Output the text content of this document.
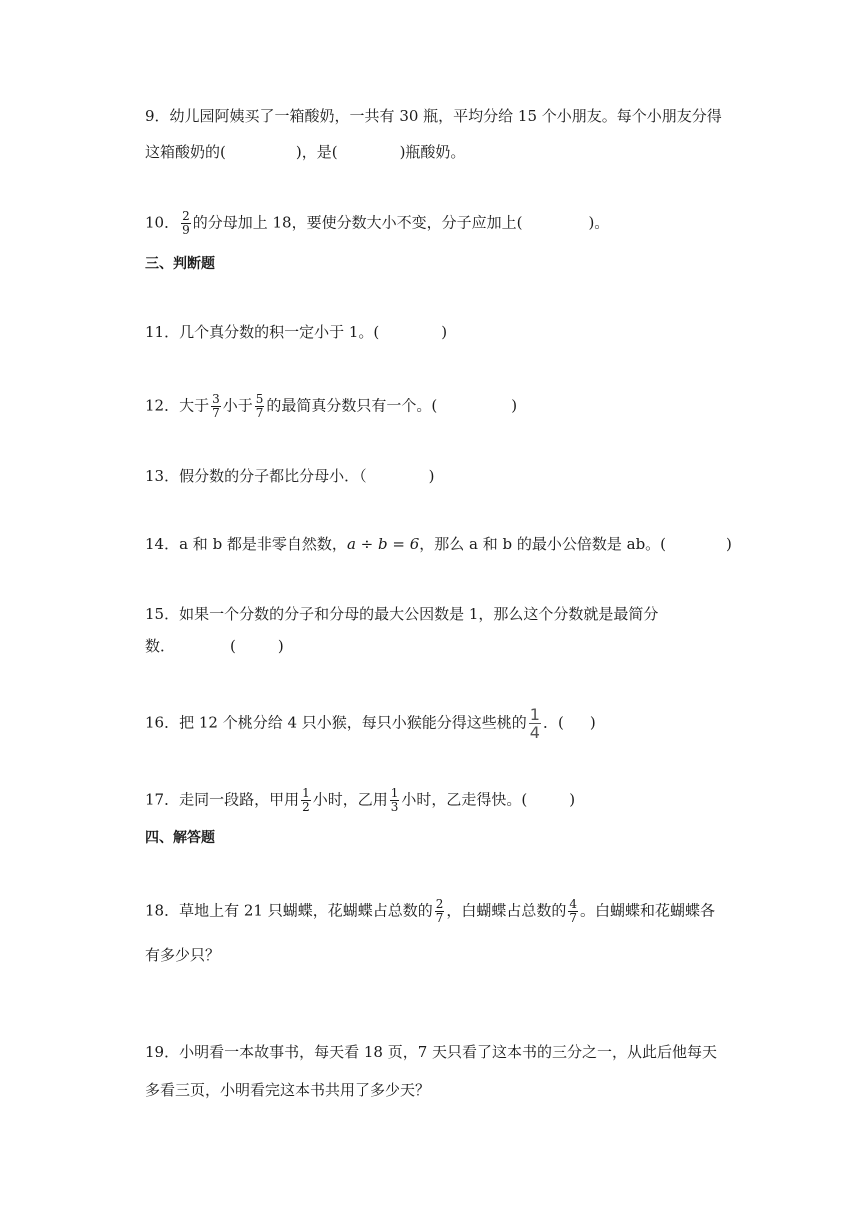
9．幼儿园阿姨买了一箱酸奶，一共有 30 瓶，平均分给 15 个小朋友。每个小朋友分得
这箱酸奶的(	)，是(	)瓶酸奶。
10． $\frac{2}{9}$ 的分母加上 18，要使分数大小不变，分子应加上(	)。
三、判断题
11．几个真分数的积一定小于 1。(	)
12．大于 $\frac{3}{7}$ 小于 $\frac{5}{7}$ 的最简真分数只有一个。(	)
13．假分数的分子都比分母小．（	)
14．a 和 b 都是非零自然数，a ÷ b = 6，那么 a 和 b 的最小公倍数是 ab。(	)
15．如果一个分数的分子和分母的最大公因数是 1，那么这个分数就是最简分
数．	(	)
16．把 12 个桃分给 4 只小猴，每只小猴能分得这些桃的 $\frac{1}{4}$ ．( )
17．走同一段路，甲用 $\frac{1}{2}$ 小时，乙用 $\frac{1}{3}$ 小时，乙走得快。(	)
四、解答题
18．草地上有 21 只蝴蝶，花蝴蝶占总数的 $\frac{2}{7}$ ，白蝴蝶占总数的 $\frac{4}{7}$ 。白蝴蝶和花蝴蝶各
有多少只？
19．小明看一本故事书，每天看 18 页，7 天只看了这本书的三分之一，从此后他每天
多看三页，小明看完这本书共用了多少天？
